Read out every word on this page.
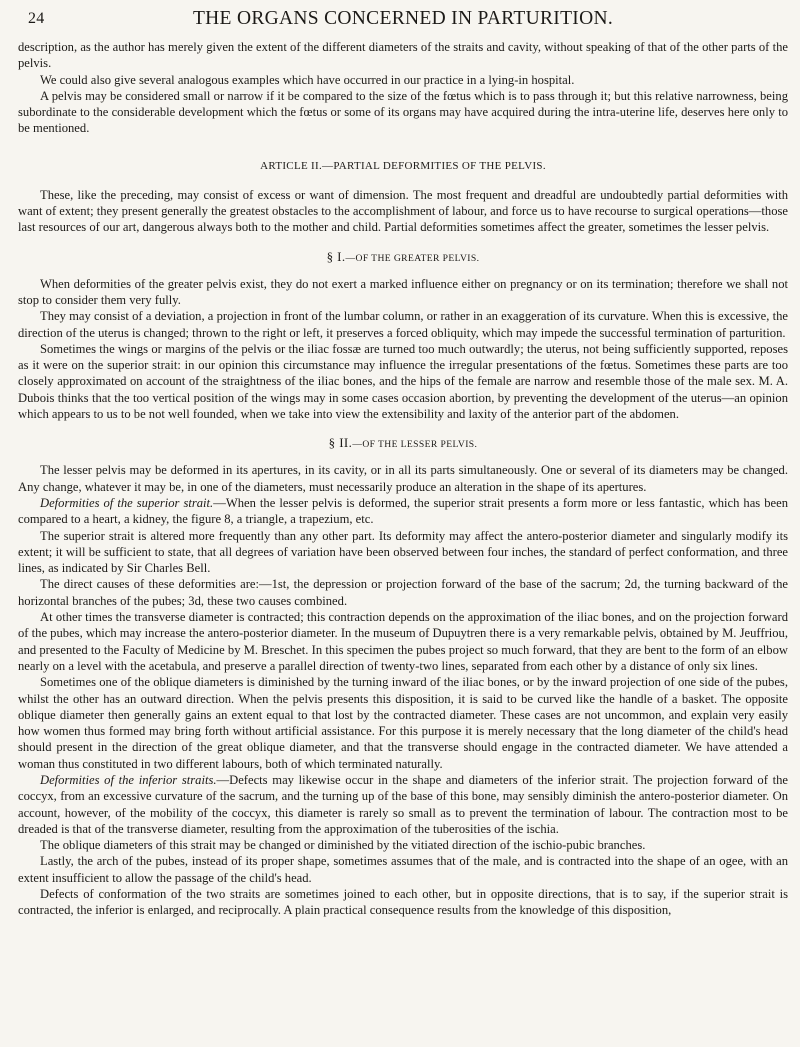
24	THE ORGANS CONCERNED IN PARTURITION.

description, as the author has merely given the extent of the different diameters of the straits and cavity, without speaking of that of the other parts of the pelvis.

We could also give several analogous examples which have occurred in our practice in a lying-in hospital.

A pelvis may be considered small or narrow if it be compared to the size of the fœtus which is to pass through it; but this relative narrowness, being subordinate to the considerable development which the fœtus or some of its organs may have acquired during the intra-uterine life, deserves here only to be mentioned.

ARTICLE II.—PARTIAL DEFORMITIES OF THE PELVIS.

These, like the preceding, may consist of excess or want of dimension. The most frequent and dreadful are undoubtedly partial deformities with want of extent; they present generally the greatest obstacles to the accomplishment of labour, and force us to have recourse to surgical operations—those last resources of our art, dangerous always both to the mother and child. Partial deformities sometimes affect the greater, sometimes the lesser pelvis.

§ I.—OF THE GREATER PELVIS.

When deformities of the greater pelvis exist, they do not exert a marked influence either on pregnancy or on its termination; therefore we shall not stop to consider them very fully.

They may consist of a deviation, a projection in front of the lumbar column, or rather in an exaggeration of its curvature. When this is excessive, the direction of the uterus is changed; thrown to the right or left, it preserves a forced obliquity, which may impede the successful termination of parturition.

Sometimes the wings or margins of the pelvis or the iliac fossæ are turned too much outwardly; the uterus, not being sufficiently supported, reposes as it were on the superior strait: in our opinion this circumstance may influence the irregular presentations of the fœtus. Sometimes these parts are too closely approximated on account of the straightness of the iliac bones, and the hips of the female are narrow and resemble those of the male sex. M. A. Dubois thinks that the too vertical position of the wings may in some cases occasion abortion, by preventing the development of the uterus—an opinion which appears to us to be not well founded, when we take into view the extensibility and laxity of the anterior part of the abdomen.

§ II.—OF THE LESSER PELVIS.

The lesser pelvis may be deformed in its apertures, in its cavity, or in all its parts simultaneously. One or several of its diameters may be changed. Any change, whatever it may be, in one of the diameters, must necessarily produce an alteration in the shape of its apertures.

Deformities of the superior strait.—When the lesser pelvis is deformed, the superior strait presents a form more or less fantastic, which has been compared to a heart, a kidney, the figure 8, a triangle, a trapezium, etc.

The superior strait is altered more frequently than any other part. Its deformity may affect the antero-posterior diameter and singularly modify its extent; it will be sufficient to state, that all degrees of variation have been observed between four inches, the standard of perfect conformation, and three lines, as indicated by Sir Charles Bell.

The direct causes of these deformities are:—1st, the depression or projection forward of the base of the sacrum; 2d, the turning backward of the horizontal branches of the pubes; 3d, these two causes combined.

At other times the transverse diameter is contracted; this contraction depends on the approximation of the iliac bones, and on the projection forward of the pubes, which may increase the antero-posterior diameter. In the museum of Dupuytren there is a very remarkable pelvis, obtained by M. Jeuffriou, and presented to the Faculty of Medicine by M. Breschet. In this specimen the pubes project so much forward, that they are bent to the form of an elbow nearly on a level with the acetabula, and preserve a parallel direction of twenty-two lines, separated from each other by a distance of only six lines.

Sometimes one of the oblique diameters is diminished by the turning inward of the iliac bones, or by the inward projection of one side of the pubes, whilst the other has an outward direction. When the pelvis presents this disposition, it is said to be curved like the handle of a basket. The opposite oblique diameter then generally gains an extent equal to that lost by the contracted diameter. These cases are not uncommon, and explain very easily how women thus formed may bring forth without artificial assistance. For this purpose it is merely necessary that the long diameter of the child's head should present in the direction of the great oblique diameter, and that the transverse should engage in the contracted diameter. We have attended a woman thus constituted in two different labours, both of which terminated naturally.

Deformities of the inferior straits.—Defects may likewise occur in the shape and diameters of the inferior strait. The projection forward of the coccyx, from an excessive curvature of the sacrum, and the turning up of the base of this bone, may sensibly diminish the antero-posterior diameter. On account, however, of the mobility of the coccyx, this diameter is rarely so small as to prevent the termination of labour. The contraction most to be dreaded is that of the transverse diameter, resulting from the approximation of the tuberosities of the ischia.

The oblique diameters of this strait may be changed or diminished by the vitiated direction of the ischio-pubic branches.

Lastly, the arch of the pubes, instead of its proper shape, sometimes assumes that of the male, and is contracted into the shape of an ogee, with an extent insufficient to allow the passage of the child's head.

Defects of conformation of the two straits are sometimes joined to each other, but in opposite directions, that is to say, if the superior strait is contracted, the inferior is enlarged, and reciprocally. A plain practical consequence results from the knowledge of this disposition,
